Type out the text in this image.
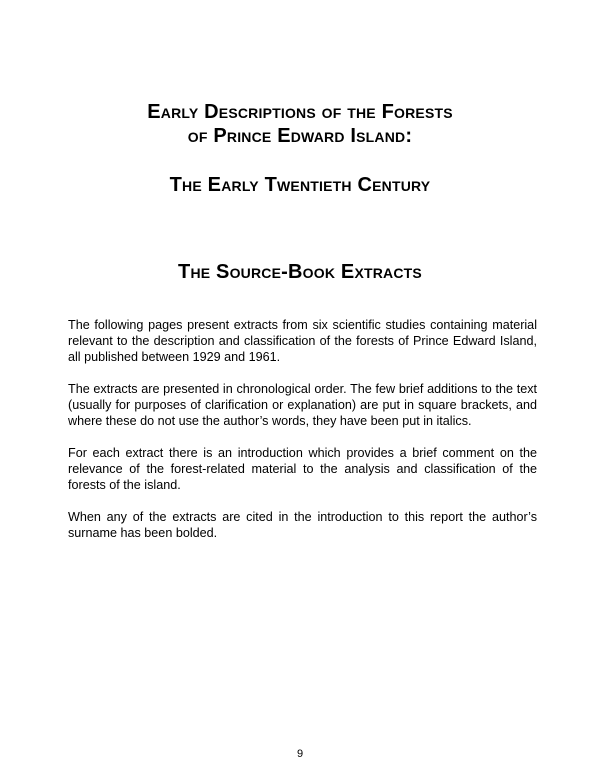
Early Descriptions of the Forests
of Prince Edward Island:
The Early Twentieth Century
The Source-Book Extracts

The following pages present extracts from six scientific studies containing material relevant to the description and classification of the forests of Prince Edward Island, all published between 1929 and 1961.

The extracts are presented in chronological order. The few brief additions to the text (usually for purposes of clarification or explanation) are put in square brackets, and where these do not use the author’s words, they have been put in italics.

For each extract there is an introduction which provides a brief comment on the relevance of the forest-related material to the analysis and classification of the forests of the island.

When any of the extracts are cited in the introduction to this report the author’s surname has been bolded.

9
